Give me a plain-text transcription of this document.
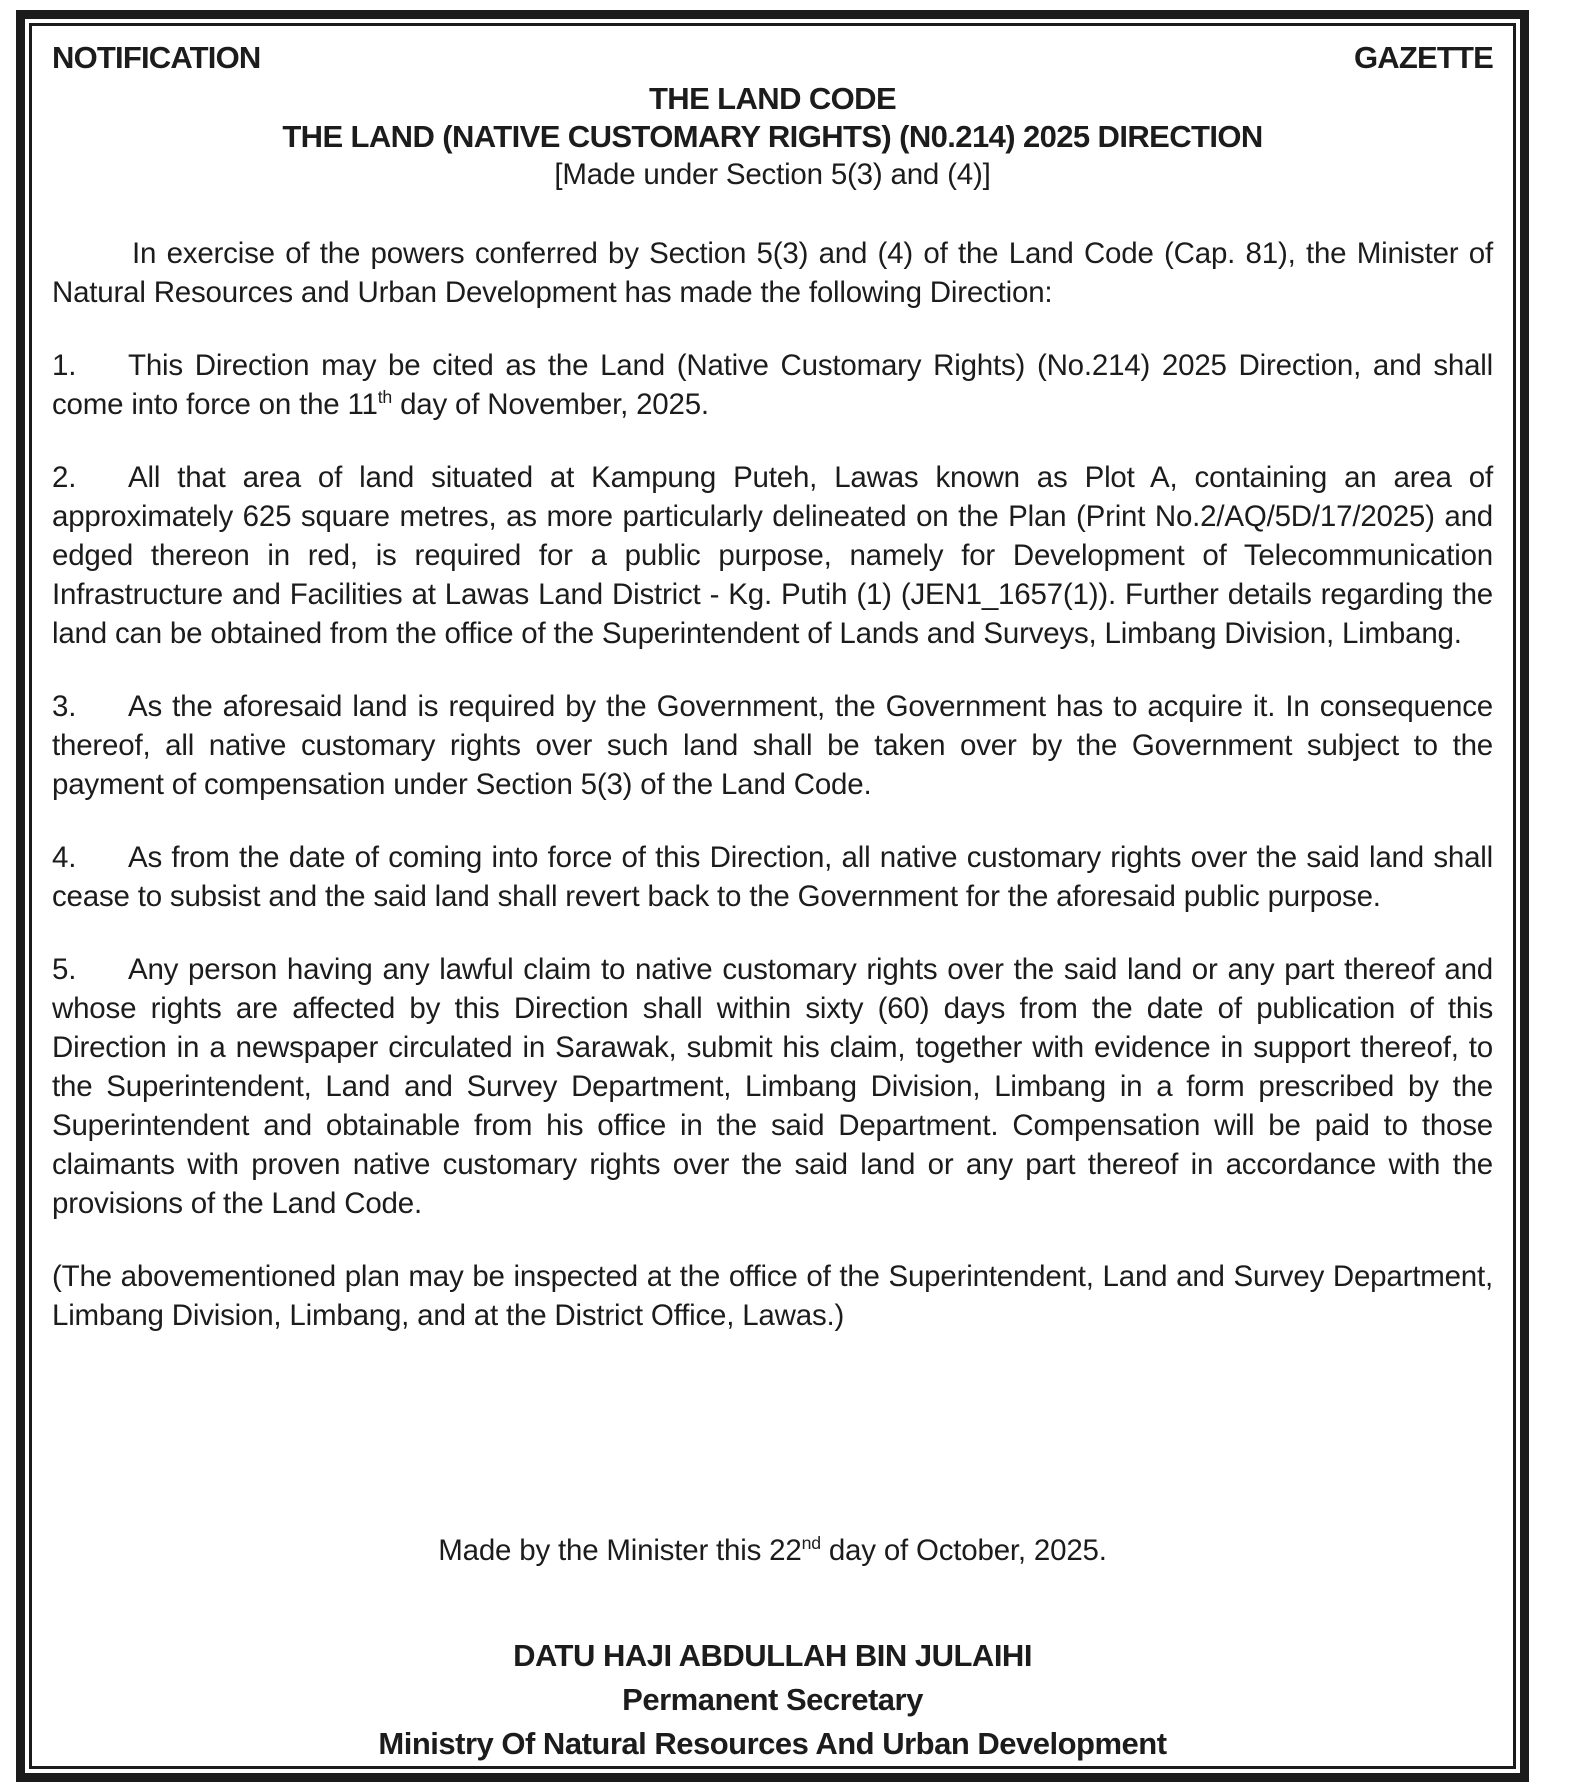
NOTIFICATION	GAZETTE
THE LAND CODE
THE LAND (NATIVE CUSTOMARY RIGHTS) (N0.214) 2025 DIRECTION
[Made under Section 5(3) and (4)]

In exercise of the powers conferred by Section 5(3) and (4) of the Land Code (Cap. 81), the Minister of Natural Resources and Urban Development has made the following Direction:

1. This Direction may be cited as the Land (Native Customary Rights) (No.214) 2025 Direction, and shall come into force on the 11th day of November, 2025.

2. All that area of land situated at Kampung Puteh, Lawas known as Plot A, containing an area of approximately 625 square metres, as more particularly delineated on the Plan (Print No.2/AQ/5D/17/2025) and edged thereon in red, is required for a public purpose, namely for Development of Telecommunication Infrastructure and Facilities at Lawas Land District - Kg. Putih (1) (JEN1_1657(1)). Further details regarding the land can be obtained from the office of the Superintendent of Lands and Surveys, Limbang Division, Limbang.

3. As the aforesaid land is required by the Government, the Government has to acquire it. In consequence thereof, all native customary rights over such land shall be taken over by the Government subject to the payment of compensation under Section 5(3) of the Land Code.

4. As from the date of coming into force of this Direction, all native customary rights over the said land shall cease to subsist and the said land shall revert back to the Government for the aforesaid public purpose.

5. Any person having any lawful claim to native customary rights over the said land or any part thereof and whose rights are affected by this Direction shall within sixty (60) days from the date of publication of this Direction in a newspaper circulated in Sarawak, submit his claim, together with evidence in support thereof, to the Superintendent, Land and Survey Department, Limbang Division, Limbang in a form prescribed by the Superintendent and obtainable from his office in the said Department. Compensation will be paid to those claimants with proven native customary rights over the said land or any part thereof in accordance with the provisions of the Land Code.

(The abovementioned plan may be inspected at the office of the Superintendent, Land and Survey Department, Limbang Division, Limbang, and at the District Office, Lawas.)

Made by the Minister this 22nd day of October, 2025.

DATU HAJI ABDULLAH BIN JULAIHI
Permanent Secretary
Ministry Of Natural Resources And Urban Development
